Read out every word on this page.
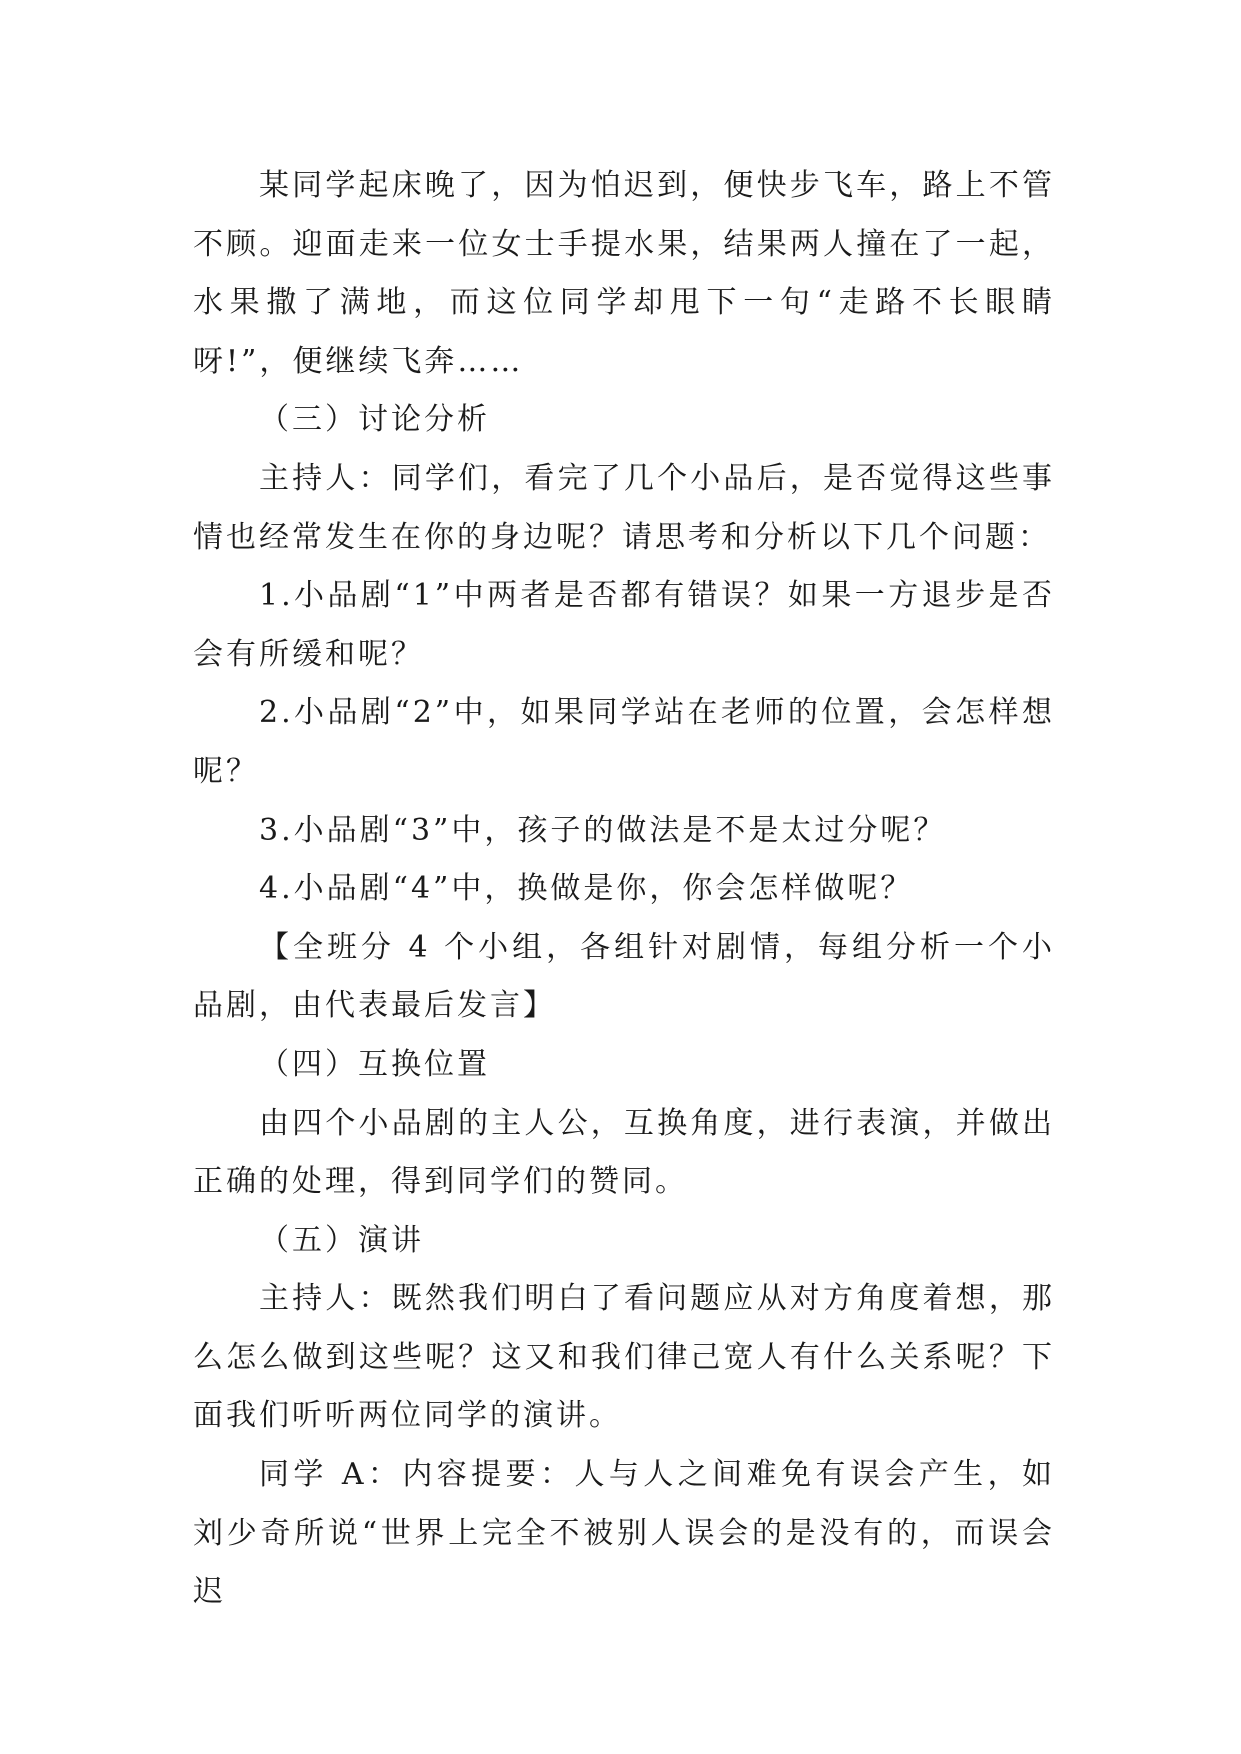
某同学起床晚了，因为怕迟到，便快步飞车，路上不管不顾。迎面走来一位女士手提水果，结果两人撞在了一起，水果撒了满地，而这位同学却甩下一句“走路不长眼睛呀!”，便继续飞奔……

（三）讨论分析

主持人：同学们，看完了几个小品后，是否觉得这些事情也经常发生在你的身边呢？请思考和分析以下几个问题：

1.小品剧“1”中两者是否都有错误？如果一方退步是否会有所缓和呢？

2.小品剧“2”中，如果同学站在老师的位置，会怎样想呢？

3.小品剧“3”中，孩子的做法是不是太过分呢？

4.小品剧“4”中，换做是你，你会怎样做呢？

【全班分 4 个小组，各组针对剧情，每组分析一个小品剧，由代表最后发言】

（四）互换位置

由四个小品剧的主人公，互换角度，进行表演，并做出正确的处理，得到同学们的赞同。

（五）演讲

主持人：既然我们明白了看问题应从对方角度着想，那么怎么做到这些呢？这又和我们律己宽人有什么关系呢？下面我们听听两位同学的演讲。

同学 A：内容提要：人与人之间难免有误会产生，如刘少奇所说“世界上完全不被别人误会的是没有的，而误会迟
